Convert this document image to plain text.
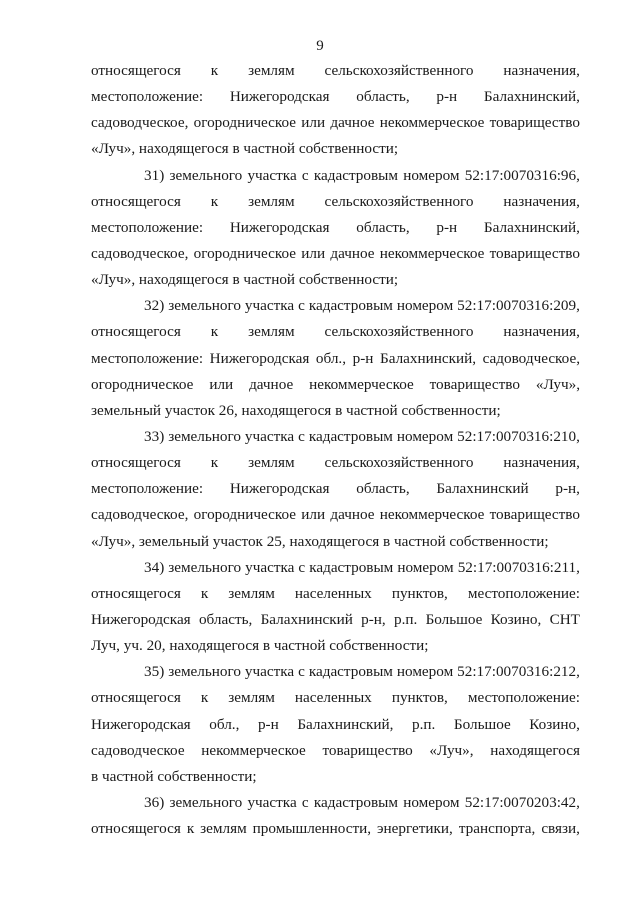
9
относящегося к землям сельскохозяйственного назначения,
местоположение: Нижегородская область, р-н Балахнинский,
садоводческое, огородническое или дачное некоммерческое товарищество
«Луч», находящегося в частной собственности;
31) земельного участка с кадастровым номером 52:17:0070316:96,
относящегося к землям сельскохозяйственного назначения,
местоположение: Нижегородская область, р-н Балахнинский,
садоводческое, огородническое или дачное некоммерческое товарищество
«Луч», находящегося в частной собственности;
32) земельного участка с кадастровым номером 52:17:0070316:209,
относящегося к землям сельскохозяйственного назначения,
местоположение: Нижегородская обл., р-н Балахнинский, садоводческое,
огородническое или дачное некоммерческое товарищество «Луч»,
земельный участок 26, находящегося в частной собственности;
33) земельного участка с кадастровым номером 52:17:0070316:210,
относящегося к землям сельскохозяйственного назначения,
местоположение: Нижегородская область, Балахнинский р-н,
садоводческое, огородническое или дачное некоммерческое товарищество
«Луч», земельный участок 25, находящегося в частной собственности;
34) земельного участка с кадастровым номером 52:17:0070316:211,
относящегося к землям населенных пунктов, местоположение:
Нижегородская область, Балахнинский р-н, р.п. Большое Козино, СНТ
Луч, уч. 20, находящегося в частной собственности;
35) земельного участка с кадастровым номером 52:17:0070316:212,
относящегося к землям населенных пунктов, местоположение:
Нижегородская обл., р-н Балахнинский, р.п. Большое Козино,
садоводческое некоммерческое товарищество «Луч», находящегося
в частной собственности;
36) земельного участка с кадастровым номером 52:17:0070203:42,
относящегося к землям промышленности, энергетики, транспорта, связи,
